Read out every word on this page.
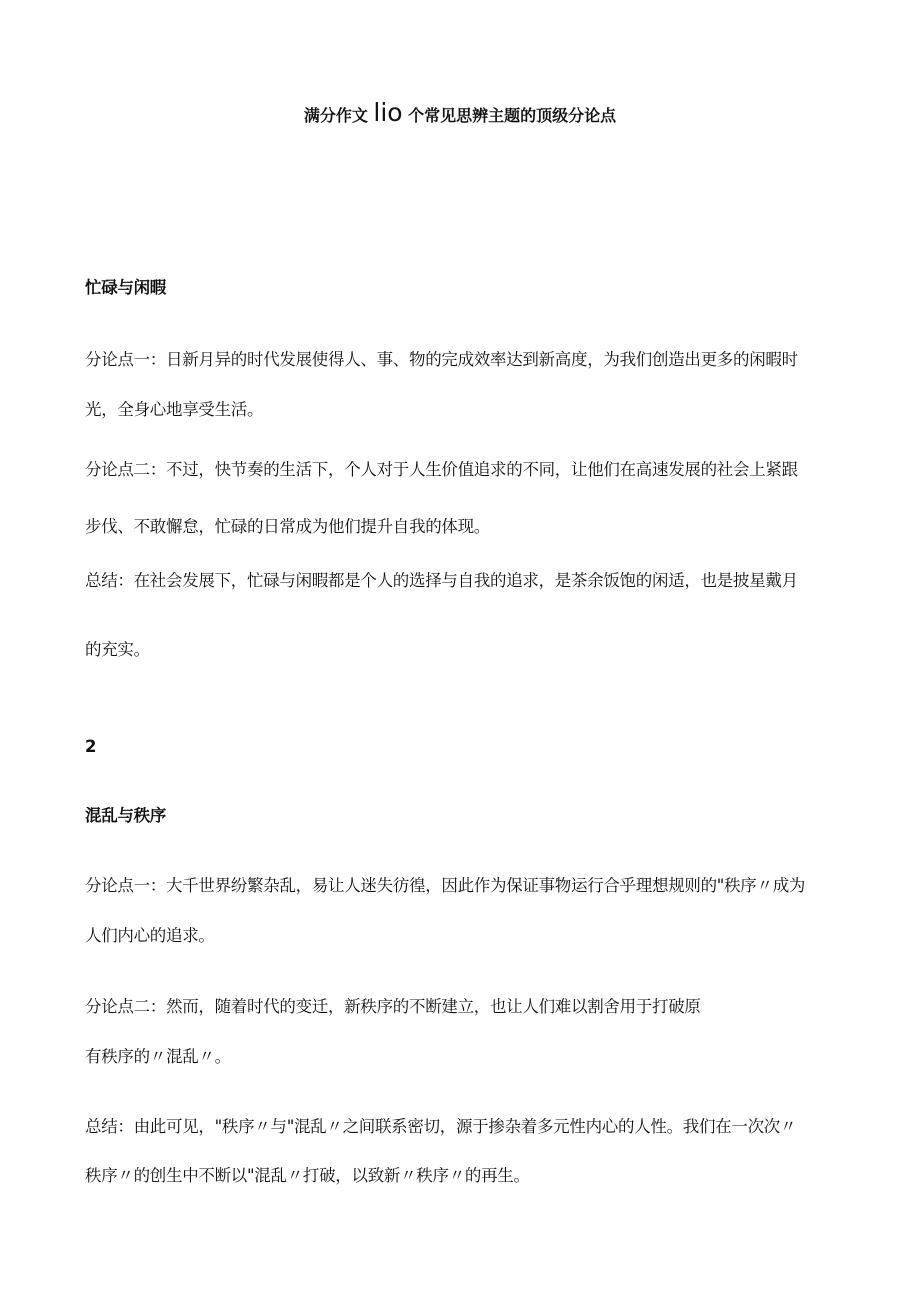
满分作文 lio 个常见思辨主题的顶级分论点
忙碌与闲暇
分论点一：日新月异的时代发展使得人、事、物的完成效率达到新高度，为我们创造出更多的闲暇时
光，全身心地享受生活。
分论点二：不过，快节奏的生活下，个人对于人生价值追求的不同，让他们在高速发展的社会上紧跟
步伐、不敢懈怠，忙碌的日常成为他们提升自我的体现。
总结：在社会发展下，忙碌与闲暇都是个人的选择与自我的追求，是茶余饭饱的闲适，也是披星戴月
的充实。
2
混乱与秩序
分论点一：大千世界纷繁杂乱，易让人迷失彷徨，因此作为保证事物运行合乎理想规则的"秩序〃成为
人们内心的追求。
分论点二：然而，随着时代的变迁，新秩序的不断建立，也让人们难以割舍用于打破原
有秩序的〃混乱〃。
总结：由此可见，"秩序〃与"混乱〃之间联系密切，源于掺杂着多元性内心的人性。我们在一次次〃
秩序〃的创生中不断以"混乱〃打破，以致新〃秩序〃的再生。
